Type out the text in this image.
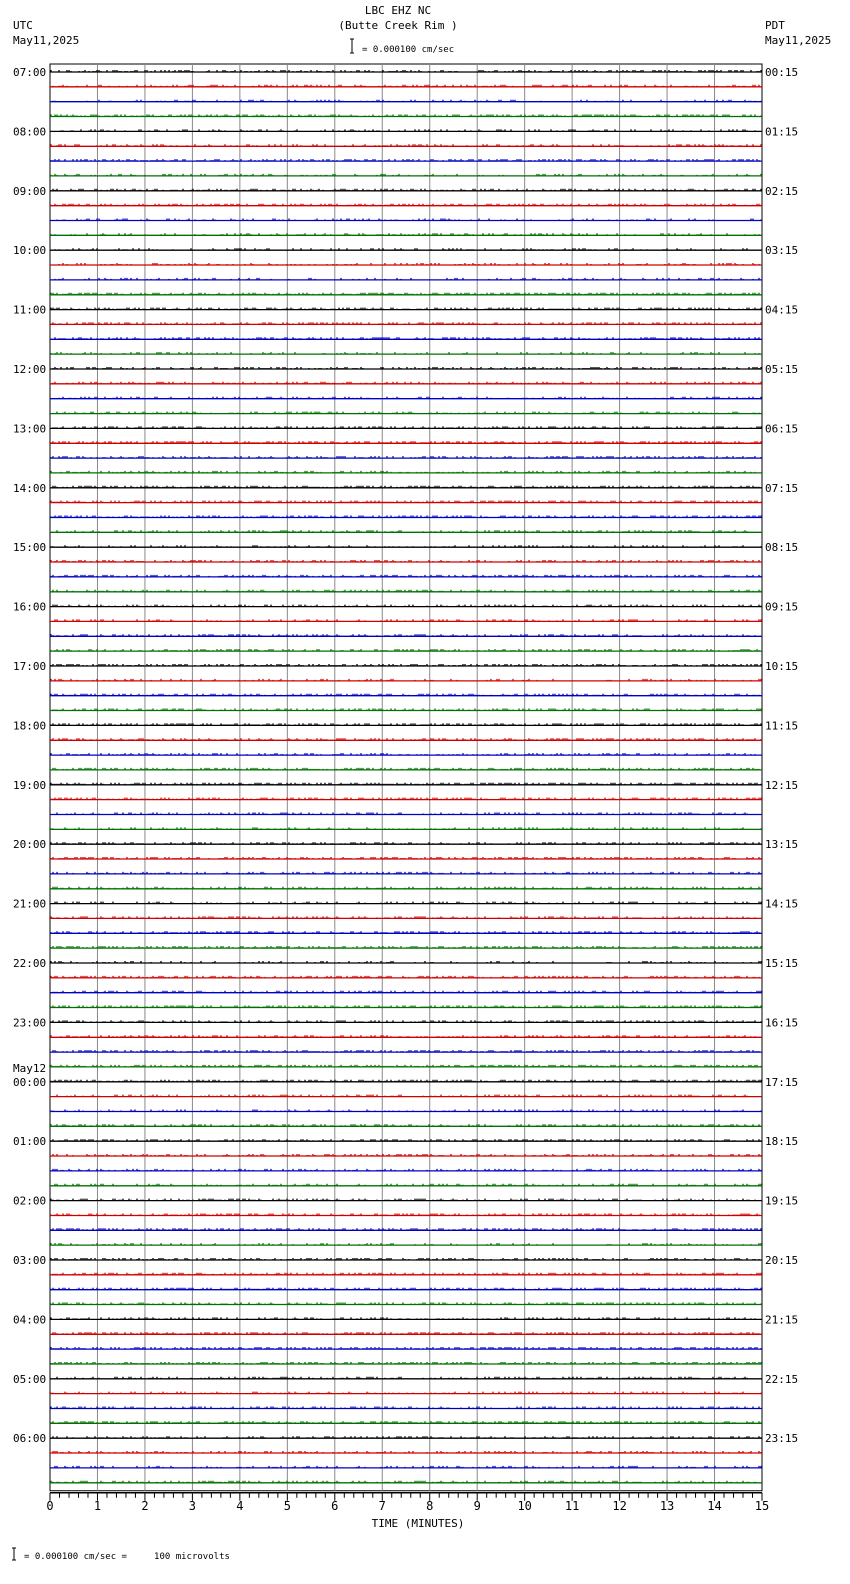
LBC EHZ NC
(Butte Creek Rim )
= 0.000100 cm/sec
UTC
May11,2025
PDT
May11,2025
07:00
08:00
09:00
10:00
11:00
12:00
13:00
14:00
15:00
16:00
17:00
18:00
19:00
20:00
21:00
22:00
23:00
00:00
May12
01:00
02:00
03:00
04:00
05:00
06:00
00:15
01:15
02:15
03:15
04:15
05:15
06:15
07:15
08:15
09:15
10:15
11:15
12:15
13:15
14:15
15:15
16:15
17:15
18:15
19:15
20:15
21:15
22:15
23:15
0	1	2	3	4	5	6	7	8	9	10	11	12	13	14	15
TIME (MINUTES)
= 0.000100 cm/sec =     100 microvolts
